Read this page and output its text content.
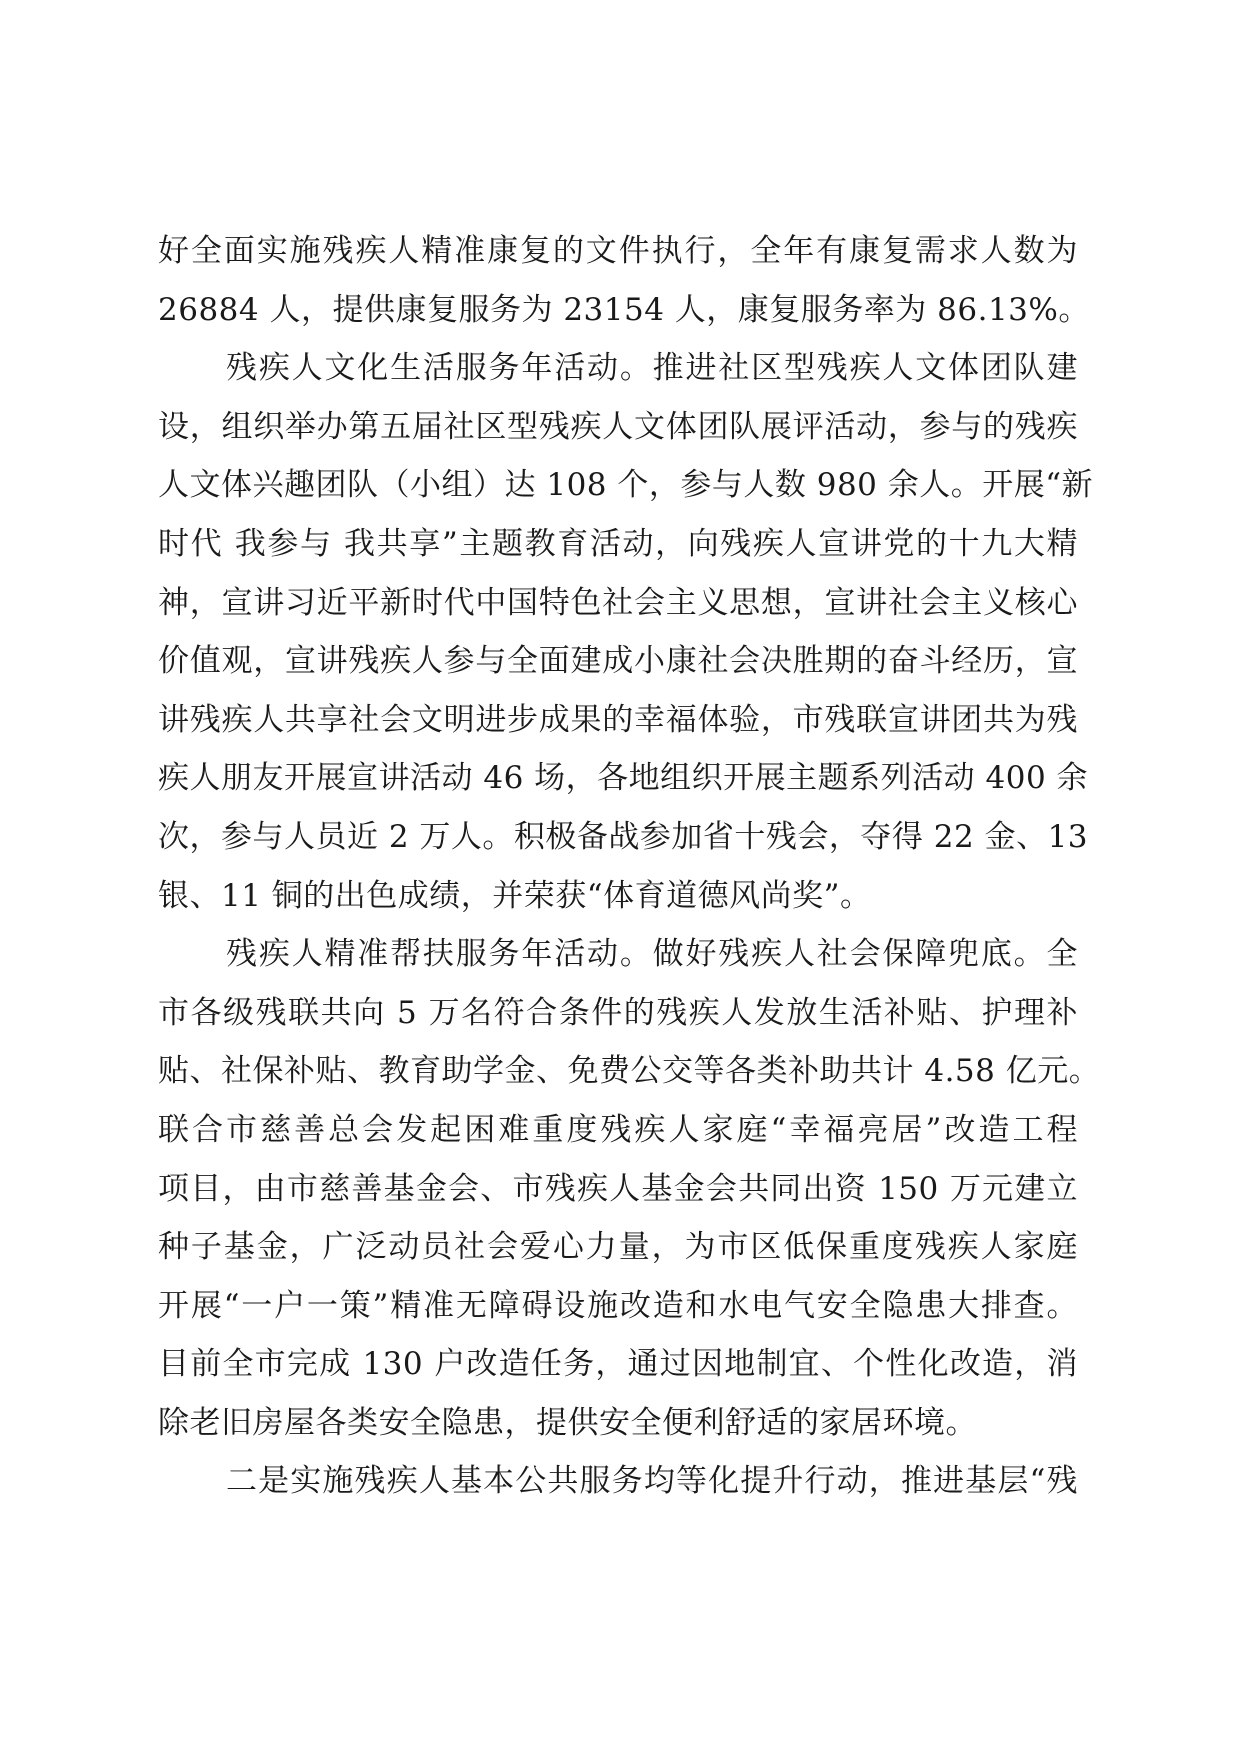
好全面实施残疾人精准康复的文件执行，全年有康复需求人数为
26884 人，提供康复服务为 23154 人，康复服务率为 86.13%。
残疾人文化生活服务年活动。推进社区型残疾人文体团队建
设，组织举办第五届社区型残疾人文体团队展评活动，参与的残疾
人文体兴趣团队（小组）达 108 个，参与人数 980 余人。开展“新
时代 我参与 我共享”主题教育活动，向残疾人宣讲党的十九大精
神，宣讲习近平新时代中国特色社会主义思想，宣讲社会主义核心
价值观，宣讲残疾人参与全面建成小康社会决胜期的奋斗经历，宣
讲残疾人共享社会文明进步成果的幸福体验，市残联宣讲团共为残
疾人朋友开展宣讲活动 46 场，各地组织开展主题系列活动 400 余
次，参与人员近 2 万人。积极备战参加省十残会，夺得 22 金、13
银、11 铜的出色成绩，并荣获“体育道德风尚奖”。
残疾人精准帮扶服务年活动。做好残疾人社会保障兜底。全
市各级残联共向 5 万名符合条件的残疾人发放生活补贴、护理补
贴、社保补贴、教育助学金、免费公交等各类补助共计 4.58 亿元。
联合市慈善总会发起困难重度残疾人家庭“幸福亮居”改造工程
项目，由市慈善基金会、市残疾人基金会共同出资 150 万元建立
种子基金，广泛动员社会爱心力量，为市区低保重度残疾人家庭
开展“一户一策”精准无障碍设施改造和水电气安全隐患大排查。
目前全市完成 130 户改造任务，通过因地制宜、个性化改造，消
除老旧房屋各类安全隐患，提供安全便利舒适的家居环境。
二是实施残疾人基本公共服务均等化提升行动，推进基层“残
